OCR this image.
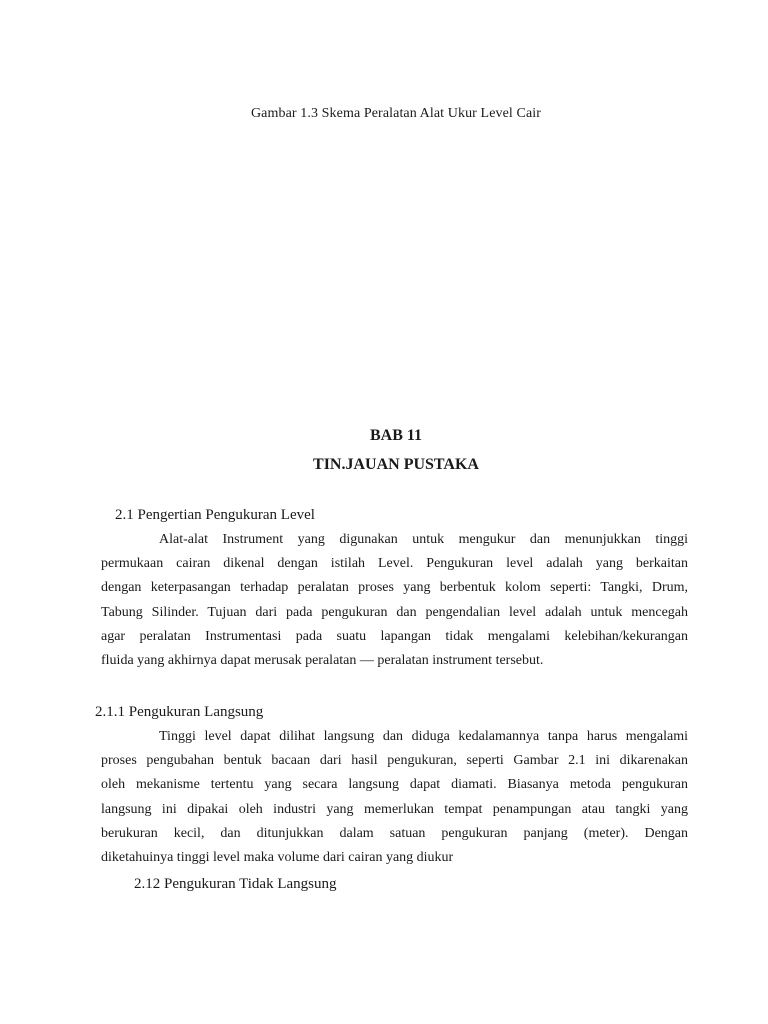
Gambar 1.3 Skema Peralatan Alat Ukur Level Cair
BAB 11
TIN.JAUAN PUSTAKA
2.1 Pengertian Pengukuran Level
Alat-alat Instrument yang digunakan untuk mengukur dan menunjukkan tinggi
permukaan cairan dikenal dengan istilah Level. Pengukuran level adalah yang berkaitan
dengan keterpasangan terhadap peralatan proses yang berbentuk kolom seperti: Tangki, Drum,
Tabung Silinder. Tujuan dari pada pengukuran dan pengendalian level adalah untuk mencegah
agar peralatan Instrumentasi pada suatu lapangan tidak mengalami kelebihan/kekurangan
fluida yang akhirnya dapat merusak peralatan — peralatan instrument tersebut.
2.1.1 Pengukuran Langsung
Tinggi level dapat dilihat langsung dan diduga kedalamannya tanpa harus mengalami
proses pengubahan bentuk bacaan dari hasil pengukuran, seperti Gambar 2.1 ini dikarenakan
oleh mekanisme tertentu yang secara langsung dapat diamati. Biasanya metoda pengukuran
langsung ini dipakai oleh industri yang memerlukan tempat penampungan atau tangki yang
berukuran kecil, dan ditunjukkan dalam satuan pengukuran panjang (meter). Dengan
diketahuinya tinggi level maka volume dari cairan yang diukur
2.12 Pengukuran Tidak Langsung
